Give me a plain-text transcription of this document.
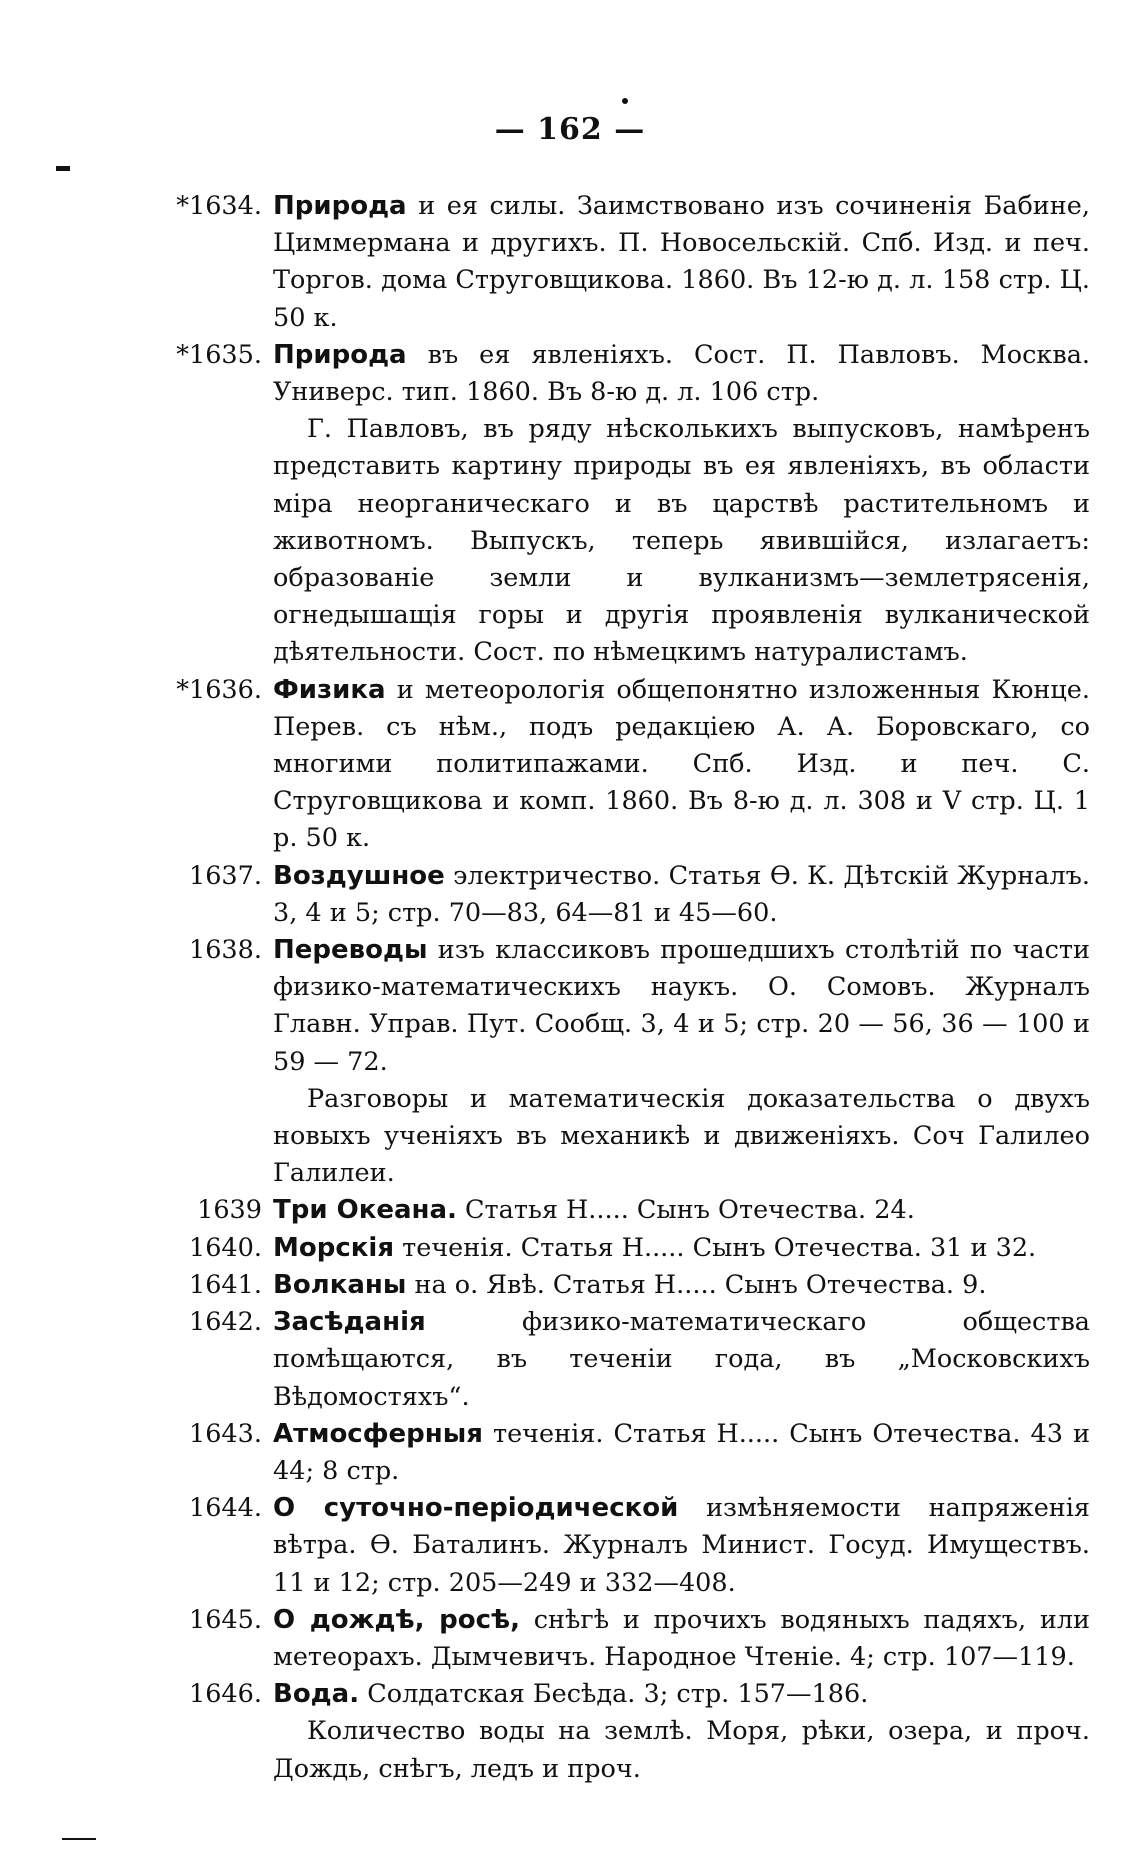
— 162 —
*1634. Природа и ея силы. Заимствовано изъ сочиненія Бабине, Циммермана и другихъ. П. Новосельскій. Спб. Изд. и печ. Торгов. дома Струговщикова. 1860. Въ 12-ю д. л. 158 стр. Ц. 50 к.
*1635. Природа въ ея явленіяхъ. Сост. П. Павловъ. Москва. Универс. тип. 1860. Въ 8-ю д. л. 106 стр.
Г. Павловъ, въ ряду нѣсколькихъ выпусковъ, намѣренъ представить картину природы въ ея явленіяхъ, въ области міра неорганическаго и въ царствѣ растительномъ и животномъ. Выпускъ, теперь явившійся, излагаетъ: образованіе земли и вулканизмъ—землетрясенія, огнедышащія горы и другія проявленія вулканической дѣятельности. Сост. по нѣмецкимъ натуралистамъ.
*1636. Физика и метеорологія общепонятно изложенныя Кюнце. Перев. съ нѣм., подъ редакціею А. А. Боровскаго, со многими политипажами. Спб. Изд. и печ. С. Струговщикова и комп. 1860. Въ 8-ю д. л. 308 и V стр. Ц. 1 р. 50 к.
1637. Воздушное электричество. Статья Ѳ. К. Дѣтскій Журналъ. 3, 4 и 5; стр. 70—83, 64—81 и 45—60.
1638. Переводы изъ классиковъ прошедшихъ столѣтій по части физико-математическихъ наукъ. О. Сомовъ. Журналъ Главн. Управ. Пут. Сообщ. 3, 4 и 5; стр. 20 — 56, 36 — 100 и 59 — 72.
Разговоры и математическія доказательства о двухъ новыхъ ученіяхъ въ механикѣ и движеніяхъ. Соч Галилео Галилеи.
1639 Три Океана. Статья Н..... Сынъ Отечества. 24.
1640. Морскія теченія. Статья Н..... Сынъ Отечества. 31 и 32.
1641. Волканы на о. Явѣ. Статья Н..... Сынъ Отечества. 9.
1642. Засѣданія	физико-математическаго общества помѣщаются, въ теченіи года, въ „Московскихъ Вѣдомостяхъ“.
1643. Атмосферныя теченія. Статья Н..... Сынъ Отечества. 43 и 44; 8 стр.
1644. О суточно-періодической измѣняемости напряженія вѣтра. Ѳ. Баталинъ. Журналъ Минист. Госуд. Имуществъ. 11 и 12; стр. 205—249 и 332—408.
1645. О дождѣ, росѣ, снѣгѣ и прочихъ водяныхъ падяхъ, или метеорахъ. Дымчевичъ. Народное Чтеніе. 4; стр. 107—119.
1646. Вода. Солдатская Бесѣда. 3; стр. 157—186.
Количество воды на землѣ. Моря, рѣки, озера, и проч. Дождь, снѣгъ, ледъ и проч.
